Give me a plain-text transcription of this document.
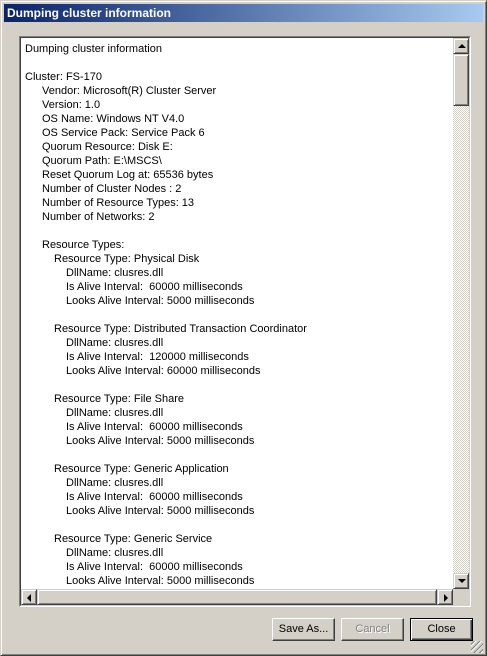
Dumping cluster information
Dumping cluster information
Cluster: FS-170
Vendor: Microsoft(R) Cluster Server
Version: 1.0
OS Name: Windows NT V4.0
OS Service Pack: Service Pack 6
Quorum Resource: Disk E:
Quorum Path: E:\MSCS\
Reset Quorum Log at: 65536 bytes
Number of Cluster Nodes : 2
Number of Resource Types: 13
Number of Networks: 2
Resource Types:
Resource Type: Physical Disk
DllName: clusres.dll
Is Alive Interval:  60000 milliseconds
Looks Alive Interval: 5000 milliseconds
Resource Type: Distributed Transaction Coordinator
DllName: clusres.dll
Is Alive Interval:  120000 milliseconds
Looks Alive Interval: 60000 milliseconds
Resource Type: File Share
DllName: clusres.dll
Is Alive Interval:  60000 milliseconds
Looks Alive Interval: 5000 milliseconds
Resource Type: Generic Application
DllName: clusres.dll
Is Alive Interval:  60000 milliseconds
Looks Alive Interval: 5000 milliseconds
Resource Type: Generic Service
DllName: clusres.dll
Is Alive Interval:  60000 milliseconds
Looks Alive Interval: 5000 milliseconds
Save As...	Cancel	Close
